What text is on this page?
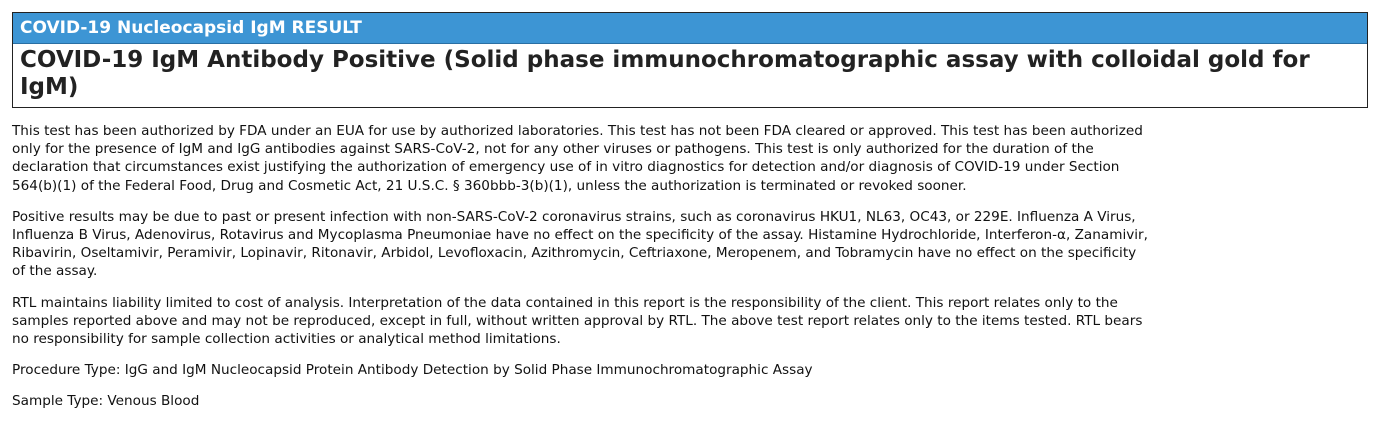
COVID-19 Nucleocapsid IgM RESULT
COVID-19 IgM Antibody Positive (Solid phase immunochromatographic assay with colloidal gold for IgM)

This test has been authorized by FDA under an EUA for use by authorized laboratories. This test has not been FDA cleared or approved. This test has been authorized only for the presence of IgM and IgG antibodies against SARS-CoV-2, not for any other viruses or pathogens. This test is only authorized for the duration of the declaration that circumstances exist justifying the authorization of emergency use of in vitro diagnostics for detection and/or diagnosis of COVID-19 under Section 564(b)(1) of the Federal Food, Drug and Cosmetic Act, 21 U.S.C. § 360bbb-3(b)(1), unless the authorization is terminated or revoked sooner.

Positive results may be due to past or present infection with non-SARS-CoV-2 coronavirus strains, such as coronavirus HKU1, NL63, OC43, or 229E. Influenza A Virus, Influenza B Virus, Adenovirus, Rotavirus and Mycoplasma Pneumoniae have no effect on the specificity of the assay. Histamine Hydrochloride, Interferon-α, Zanamivir, Ribavirin, Oseltamivir, Peramivir, Lopinavir, Ritonavir, Arbidol, Levofloxacin, Azithromycin, Ceftriaxone, Meropenem, and Tobramycin have no effect on the specificity of the assay.

RTL maintains liability limited to cost of analysis. Interpretation of the data contained in this report is the responsibility of the client. This report relates only to the samples reported above and may not be reproduced, except in full, without written approval by RTL. The above test report relates only to the items tested. RTL bears no responsibility for sample collection activities or analytical method limitations.

Procedure Type: IgG and IgM Nucleocapsid Protein Antibody Detection by Solid Phase Immunochromatographic Assay

Sample Type: Venous Blood
